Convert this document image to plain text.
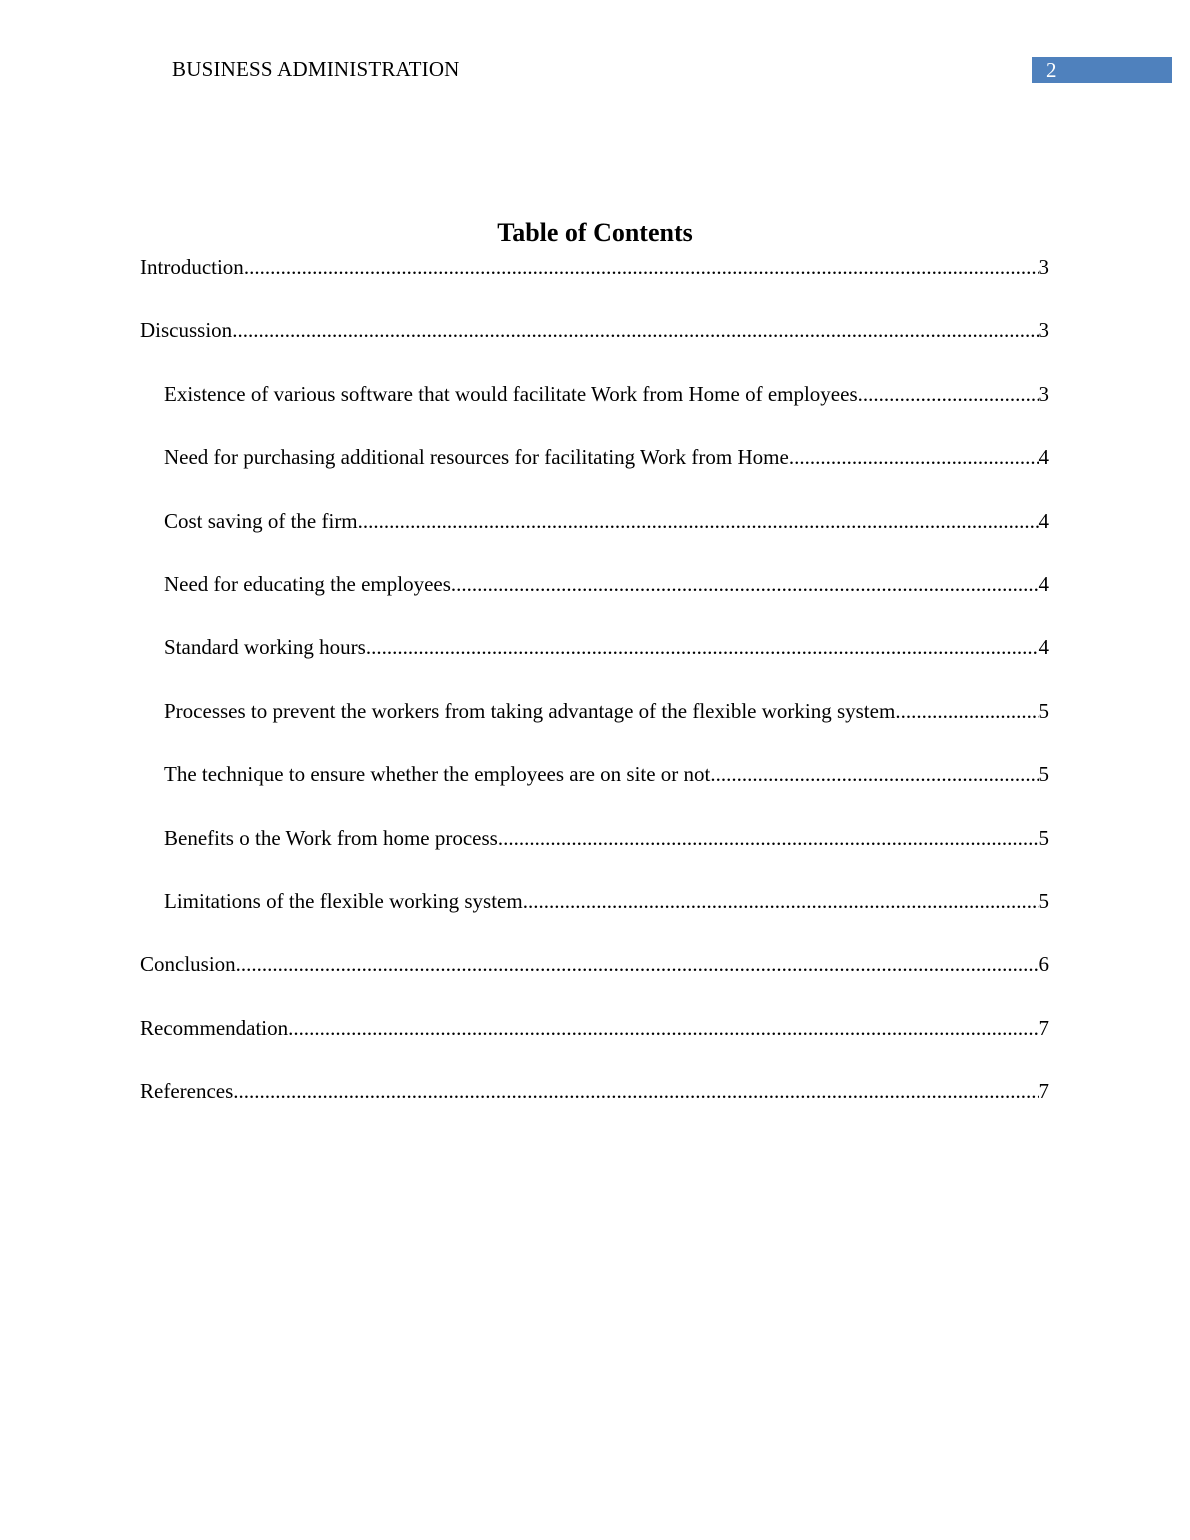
BUSINESS ADMINISTRATION	2
Table of Contents
Introduction .....	3
Discussion .....	3
Existence of various software that would facilitate Work from Home of employees .....	3
Need for purchasing additional resources for facilitating Work from Home .....	4
Cost saving of the firm .....	4
Need for educating the employees .....	4
Standard working hours .....	4
Processes to prevent the workers from taking advantage of the flexible working system .....	5
The technique to ensure whether the employees are on site or not .....	5
Benefits o the Work from home process .....	5
Limitations of the flexible working system .....	5
Conclusion .....	6
Recommendation .....	7
References .....	7
